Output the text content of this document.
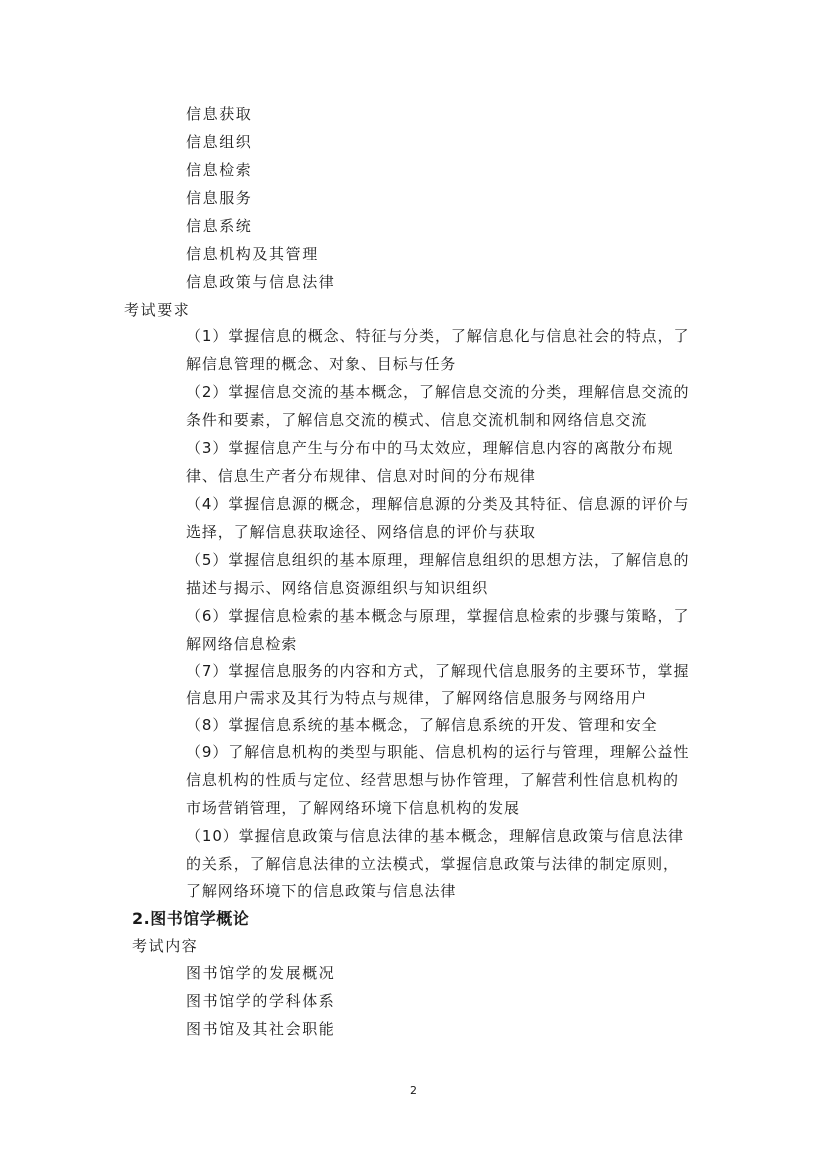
信息获取
信息组织
信息检索
信息服务
信息系统
信息机构及其管理
信息政策与信息法律
考试要求
（1）掌握信息的概念、特征与分类，了解信息化与信息社会的特点，了
解信息管理的概念、对象、目标与任务
（2）掌握信息交流的基本概念，了解信息交流的分类，理解信息交流的
条件和要素，了解信息交流的模式、信息交流机制和网络信息交流
（3）掌握信息产生与分布中的马太效应，理解信息内容的离散分布规
律、信息生产者分布规律、信息对时间的分布规律
（4）掌握信息源的概念，理解信息源的分类及其特征、信息源的评价与
选择，了解信息获取途径、网络信息的评价与获取
（5）掌握信息组织的基本原理，理解信息组织的思想方法，了解信息的
描述与揭示、网络信息资源组织与知识组织
（6）掌握信息检索的基本概念与原理，掌握信息检索的步骤与策略，了
解网络信息检索
（7）掌握信息服务的内容和方式，了解现代信息服务的主要环节，掌握
信息用户需求及其行为特点与规律，了解网络信息服务与网络用户
（8）掌握信息系统的基本概念，了解信息系统的开发、管理和安全
（9）了解信息机构的类型与职能、信息机构的运行与管理，理解公益性
信息机构的性质与定位、经营思想与协作管理，了解营利性信息机构的
市场营销管理，了解网络环境下信息机构的发展
（10）掌握信息政策与信息法律的基本概念，理解信息政策与信息法律
的关系，了解信息法律的立法模式，掌握信息政策与法律的制定原则，
了解网络环境下的信息政策与信息法律
2.图书馆学概论
考试内容
图书馆学的发展概况
图书馆学的学科体系
图书馆及其社会职能
2
